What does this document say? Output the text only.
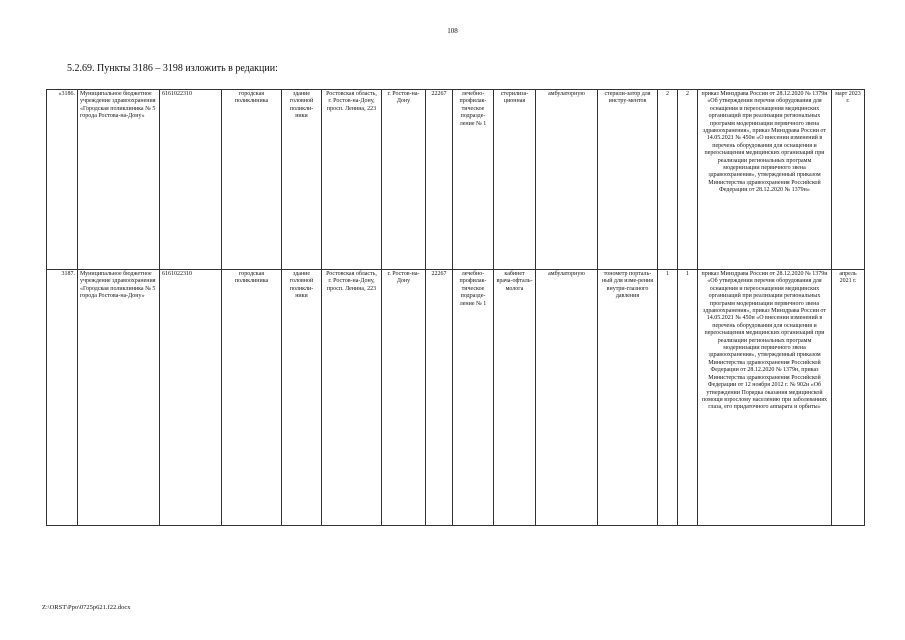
108
5.2.69. Пункты 3186 – 3198 изложить в редакции:
«3186.	Муниципальное бюджетное учреждение здравоохранения «Городская поликлиника № 5 города Ростова-на-Дону»	6161022310	городская поликлиника	здание головной поликли-ники	Ростовская область, г. Ростов-на-Дону, просп. Ленина, 223	г. Ростов-на-Дону	22267	лечебно-профилак-тическое подразде-ление № 1	стерилиза-ционная	амбулаторную	стерили-затор для инстру-ментов	2	2	приказ Минздрава России от 28.12.2020 № 1379н «Об утверждении перечня оборудования для оснащения и переоснащения медицинских организаций при реализации региональных программ модернизации первичного звена здравоохранения», приказ Минздрава России от 14.05.2021 № 450н «О внесении изменений в перечень оборудования для оснащения и переоснащения медицинских организаций при реализации региональных программ модернизации первичного звена здравоохранения», утвержденный приказом Министерства здравоохранения Российской Федерации от 28.12.2020 № 1379н»	март 2023 г.
3187.	Муниципальное бюджетное учреждение здравоохранения «Городская поликлиника № 5 города Ростова-на-Дону»	6161022310	городская поликлиника	здание головной поликли-ники	Ростовская область, г. Ростов-на-Дону, просп. Ленина, 223	г. Ростов-на-Дону	22267	лечебно-профилак-тическое подразде-ление № 1	кабинет врача-офталь-молога	амбулаторную	тонометр порталь-ный для изме-рения внутри-глазного давления	1	1	приказ Минздрава России от 28.12.2020 № 1379н «Об утверждении перечня оборудования для оснащения и переоснащения медицинских организаций при реализации региональных программ модернизации первичного звена здравоохранения», приказ Минздрава России от 14.05.2021 № 450н «О внесении изменений в перечень оборудования для оснащения и переоснащения медицинских организаций при реализации региональных программ модернизации первичного звена здравоохранения», утвержденный приказом Министерства здравоохранения Российской Федерации от 28.12.2020 № 1379н, приказ Министерства здравоохранения Российской Федерации от 12 ноября 2012 г. № 902н «Об утверждении Порядка оказания медицинской помощи взрослому населению при заболеваниях глаза, его придаточного аппарата и орбиты»	апрель 2021 г.
Z:\ORST\Ppo\0725p621.f22.docx
